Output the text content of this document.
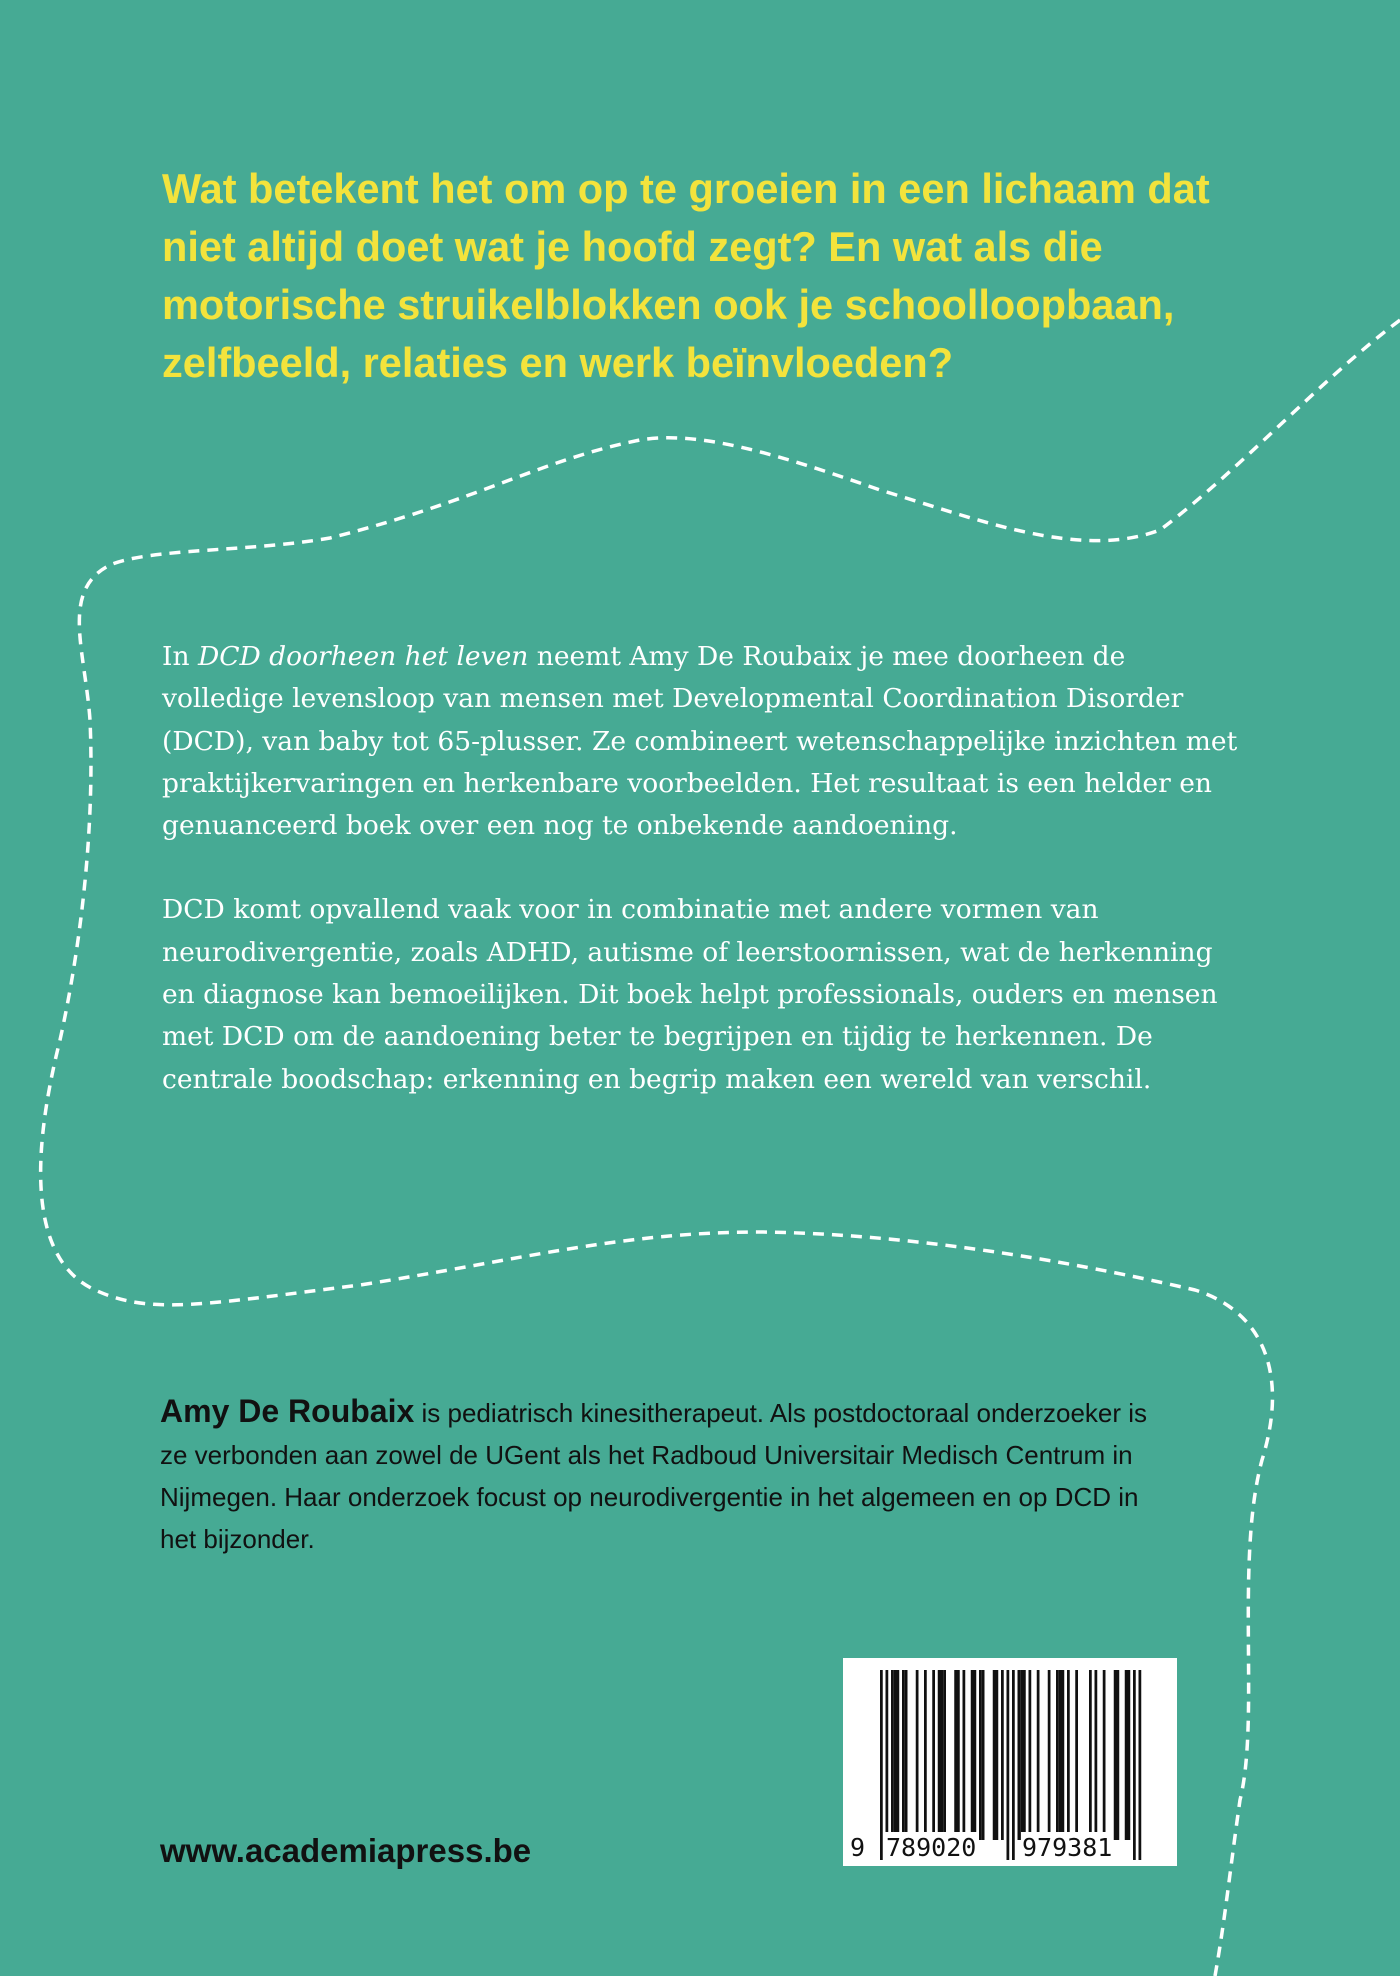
Wat betekent het om op te groeien in een lichaam dat niet altijd doet wat je hoofd zegt? En wat als die motorische struikelblokken ook je schoolloopbaan, zelfbeeld, relaties en werk beïnvloeden?

In DCD doorheen het leven neemt Amy De Roubaix je mee doorheen de volledige levensloop van mensen met Developmental Coordination Disorder (DCD), van baby tot 65-plusser. Ze combineert wetenschappelijke inzichten met praktijkervaringen en herkenbare voorbeelden. Het resultaat is een helder en genuanceerd boek over een nog te onbekende aandoening.

DCD komt opvallend vaak voor in combinatie met andere vormen van neurodivergentie, zoals ADHD, autisme of leerstoornissen, wat de herkenning en diagnose kan bemoeilijken. Dit boek helpt professionals, ouders en mensen met DCD om de aandoening beter te begrijpen en tijdig te herkennen. De centrale boodschap: erkenning en begrip maken een wereld van verschil.

Amy De Roubaix is pediatrisch kinesitherapeut. Als postdoctoraal onderzoeker is ze verbonden aan zowel de UGent als het Radboud Universitair Medisch Centrum in Nijmegen. Haar onderzoek focust op neurodivergentie in het algemeen en op DCD in het bijzonder.

www.academiapress.be	9 789020 979381
